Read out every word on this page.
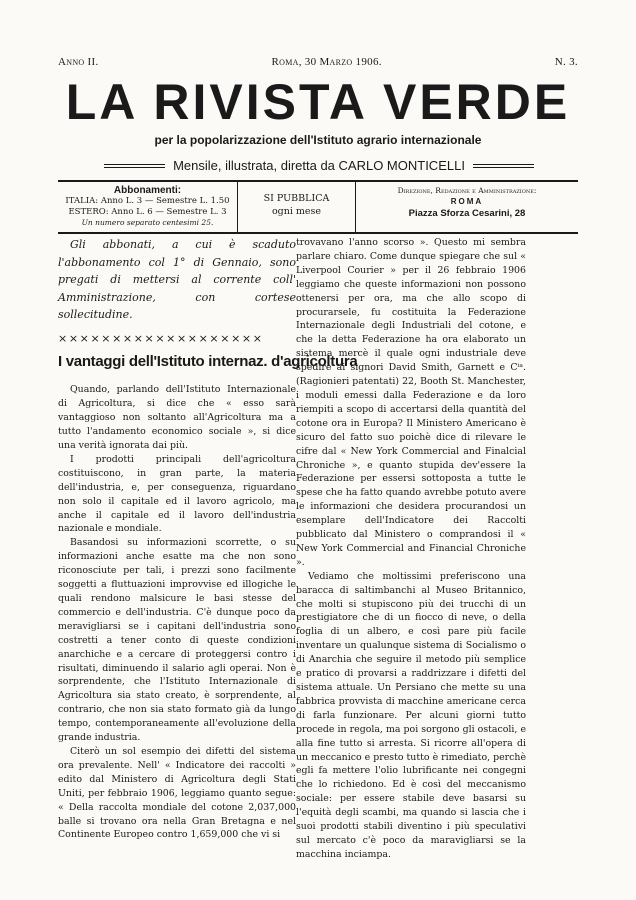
Anno II.	Roma, 30 Marzo 1906.	N. 3.
LA RIVISTA VERDE
per la popolarizzazione dell'Istituto agrario internazionale
Mensile, illustrata, diretta da CARLO MONTICELLI
Abbonamenti:
ITALIA: Anno L. 3 — Semestre L. 1.50
ESTERO: Anno L. 6 — Semestre L. 3
Un numero separato centesimi 25.
SI PUBBLICA
ogni mese
Direzione, Redazione e Amministrazione:
ROMA
Piazza Sforza Cesarini, 28

Gli abbonati, a cui è scaduto l'abbonamento col 1° di Gennaio, sono pregati di mettersi al corrente coll' Amministrazione, con cortese sollecitudine.

×××××××××××××××××××
I vantaggi dell'Istituto internaz. d'agricoltura

Quando, parlando dell'Istituto Internazionale di Agricoltura, si dice che « esso sarà vantaggioso non soltanto all'Agricoltura ma a tutto l'andamento economico sociale », si dice una verità ignorata dai più.

I prodotti principali dell'agricoltura costituiscono, in gran parte, la materia dell'industria, e, per conseguenza, riguardano non solo il capitale ed il lavoro agricolo, ma anche il capitale ed il lavoro dell'industria nazionale e mondiale.

Basandosi su informazioni scorrette, o su informazioni anche esatte ma che non sono riconosciute per tali, i prezzi sono facilmente soggetti a fluttuazioni improvvise ed illogiche le quali rendono malsicure le basi stesse del commercio e dell'industria. C'è dunque poco da meravigliarsi se i capitani dell'industria sono costretti a tener conto di queste condizioni anarchiche e a cercare di proteggersi contro i risultati, diminuendo il salario agli operai. Non è sorprendente, che l'Istituto Internazionale di Agricoltura sia stato creato, è sorprendente, al contrario, che non sia stato formato già da lungo tempo, contemporaneamente all'evoluzione della grande industria.

Citerò un sol esempio dei difetti del sistema ora prevalente. Nell' « Indicatore dei raccolti » edito dal Ministero di Agricoltura degli Stati Uniti, per febbraio 1906, leggiamo quanto segue: « Della raccolta mondiale del cotone 2,037,000 balle si trovano ora nella Gran Bretagna e nel Continente Europeo contro 1,659,000 che vi si

trovavano l'anno scorso ». Questo mi sembra parlare chiaro. Come dunque spiegare che sul « Liverpool Courier » per il 26 febbraio 1906 leggiamo che queste informazioni non possono ottenersi per ora, ma che allo scopo di procurarsele, fu costituita la Federazione Internazionale degli Industriali del cotone, e che la detta Federazione ha ora elaborato un sistema mercè il quale ogni industriale deve spedire ai signori David Smith, Garnett e Cⁱᵃ. (Ragionieri patentati) 22, Booth St. Manchester, i moduli emessi dalla Federazione e da loro riempiti a scopo di accertarsi della quantità del cotone ora in Europa? Il Ministero Americano è sicuro del fatto suo poichè dice di rilevare le cifre dal « New York Commercial and Finalcial Chroniche », e quanto stupida dev'essere la Federazione per essersi sottoposta a tutte le spese che ha fatto quando avrebbe potuto avere le informazioni che desidera procurandosi un esemplare dell'Indicatore dei Raccolti pubblicato dal Ministero o comprandosi il « New York Commercial and Financial Chroniche ».

Vediamo che moltissimi preferiscono una baracca di saltimbanchi al Museo Britannico, che molti si stupiscono più dei trucchi di un prestigiatore che di un fiocco di neve, o della foglia di un albero, e così pare più facile inventare un qualunque sistema di Socialismo o di Anarchia che seguire il metodo più semplice e pratico di provarsi a raddrizzare i difetti del sistema attuale. Un Persiano che mette su una fabbrica provvista di macchine americane cerca di farla funzionare. Per alcuni giorni tutto procede in regola, ma poi sorgono gli ostacoli, e alla fine tutto si arresta. Si ricorre all'opera di un meccanico e presto tutto è rimediato, perchè egli fa mettere l'olio lubrificante nei congegni che lo richiedono. Ed è così del meccanismo sociale: per essere stabile deve basarsi su l'equità degli scambi, ma quando si lascia che i suoi prodotti stabili diventino i più speculativi sul mercato c'è poco da maravigliarsi se la macchina inciampa.
